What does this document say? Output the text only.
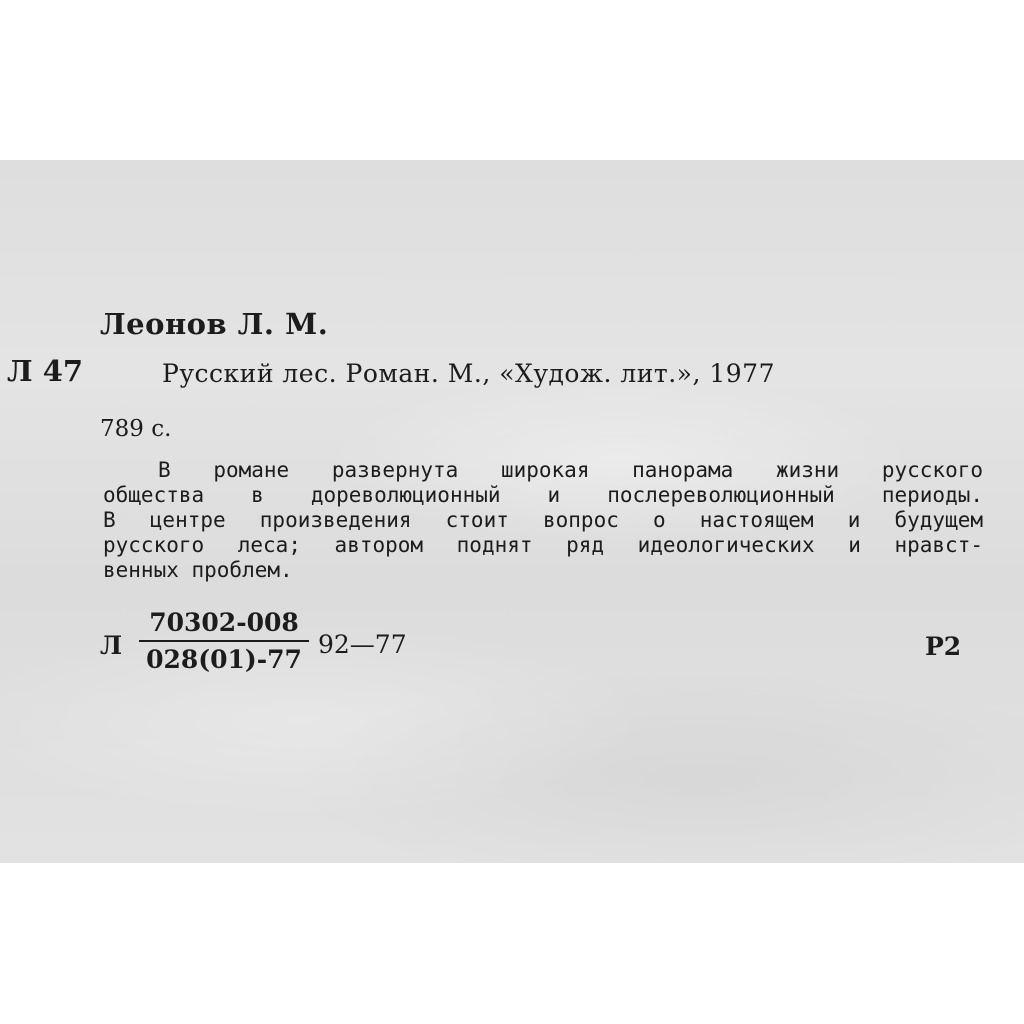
Леонов Л. М.

Л 47	Русский лес. Роман. М., «Худож. лит.», 1977

789 с.

В романе развернута широкая панорама жизни русского
общества в дореволюционный и послереволюционный периоды.
В центре произведения стоит вопрос о настоящем и будущем
русского леса; автором поднят ряд идеологических и нравст-
венных проблем.

Л $\frac{70302-008}{028(01)-77}$ 92—77	Р2
